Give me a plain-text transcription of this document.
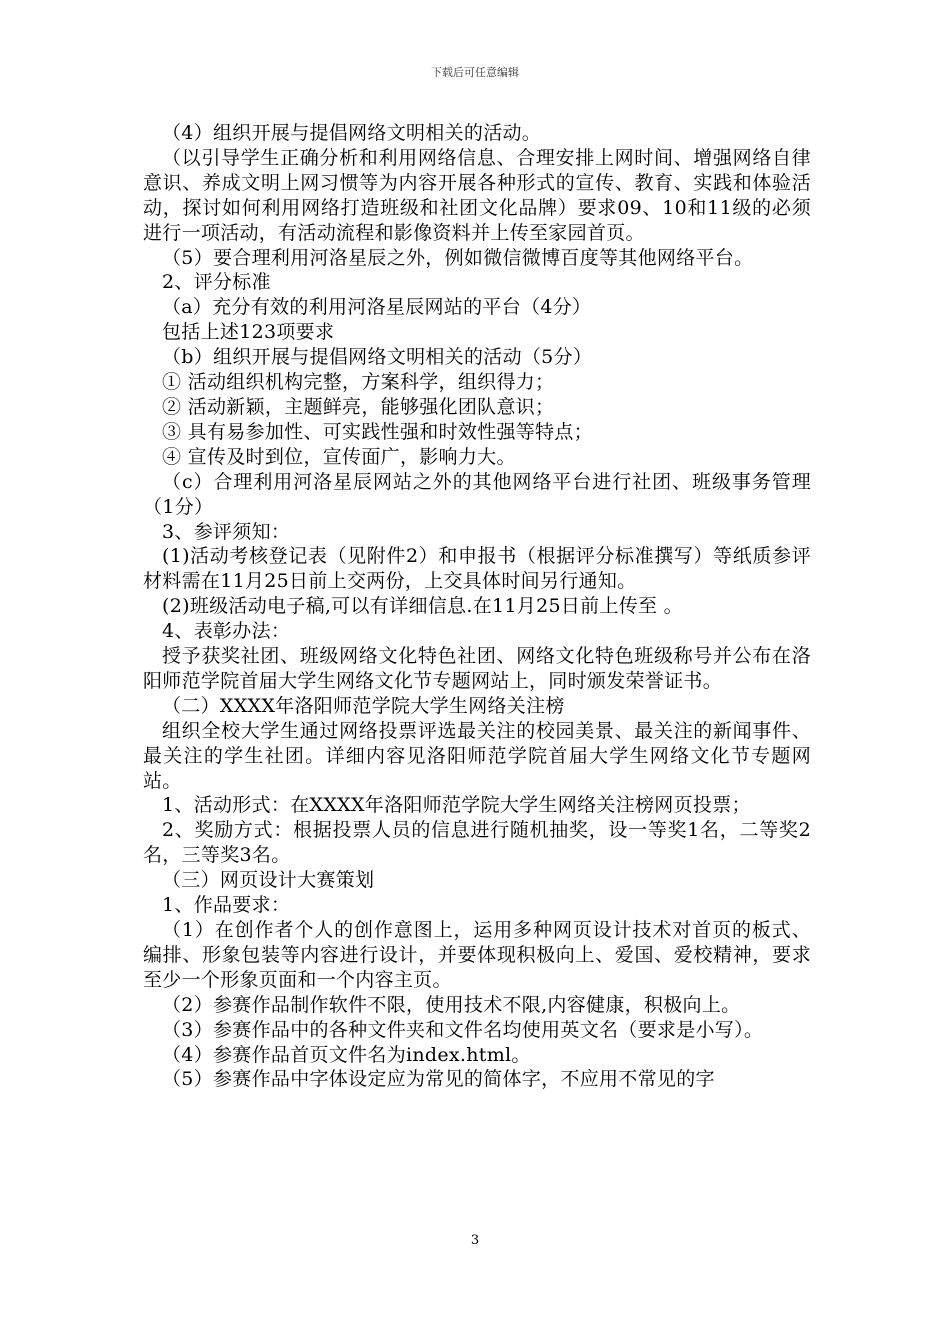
下载后可任意编辑

（4）组织开展与提倡网络文明相关的活动。

（以引导学生正确分析和利用网络信息、合理安排上网时间、增强网络自律意识、养成文明上网习惯等为内容开展各种形式的宣传、教育、实践和体验活动，探讨如何利用网络打造班级和社团文化品牌）要求09、10和11级的必须进行一项活动，有活动流程和影像资料并上传至家园首页。

（5）要合理利用河洛星辰之外，例如微信微博百度等其他网络平台。

2、评分标准

（a）充分有效的利用河洛星辰网站的平台（4分）

包括上述123项要求

（b）组织开展与提倡网络文明相关的活动（5分）

① 活动组织机构完整，方案科学，组织得力；

② 活动新颖，主题鲜亮，能够强化团队意识；

③ 具有易参加性、可实践性强和时效性强等特点；

④ 宣传及时到位，宣传面广，影响力大。

（c）合理利用河洛星辰网站之外的其他网络平台进行社团、班级事务管理（1分）

3、参评须知：

(1)活动考核登记表（见附件2）和申报书（根据评分标准撰写）等纸质参评材料需在11月25日前上交两份，上交具体时间另行通知。

(2)班级活动电子稿,可以有详细信息.在11月25日前上传至 。

4、表彰办法：

授予获奖社团、班级网络文化特色社团、网络文化特色班级称号并公布在洛阳师范学院首届大学生网络文化节专题网站上，同时颁发荣誉证书。

（二）XXXX年洛阳师范学院大学生网络关注榜

组织全校大学生通过网络投票评选最关注的校园美景、最关注的新闻事件、最关注的学生社团。详细内容见洛阳师范学院首届大学生网络文化节专题网站。

1、活动形式：在XXXX年洛阳师范学院大学生网络关注榜网页投票；

2、奖励方式：根据投票人员的信息进行随机抽奖，设一等奖1名，二等奖2名，三等奖3名。

（三）网页设计大赛策划

1、作品要求：

（1）在创作者个人的创作意图上，运用多种网页设计技术对首页的板式、编排、形象包装等内容进行设计，并要体现积极向上、爱国、爱校精神，要求至少一个形象页面和一个内容主页。

（2）参赛作品制作软件不限，使用技术不限,内容健康，积极向上。

（3）参赛作品中的各种文件夹和文件名均使用英文名（要求是小写）。

（4）参赛作品首页文件名为index.html。

（5）参赛作品中字体设定应为常见的简体字，不应用不常见的字

3
